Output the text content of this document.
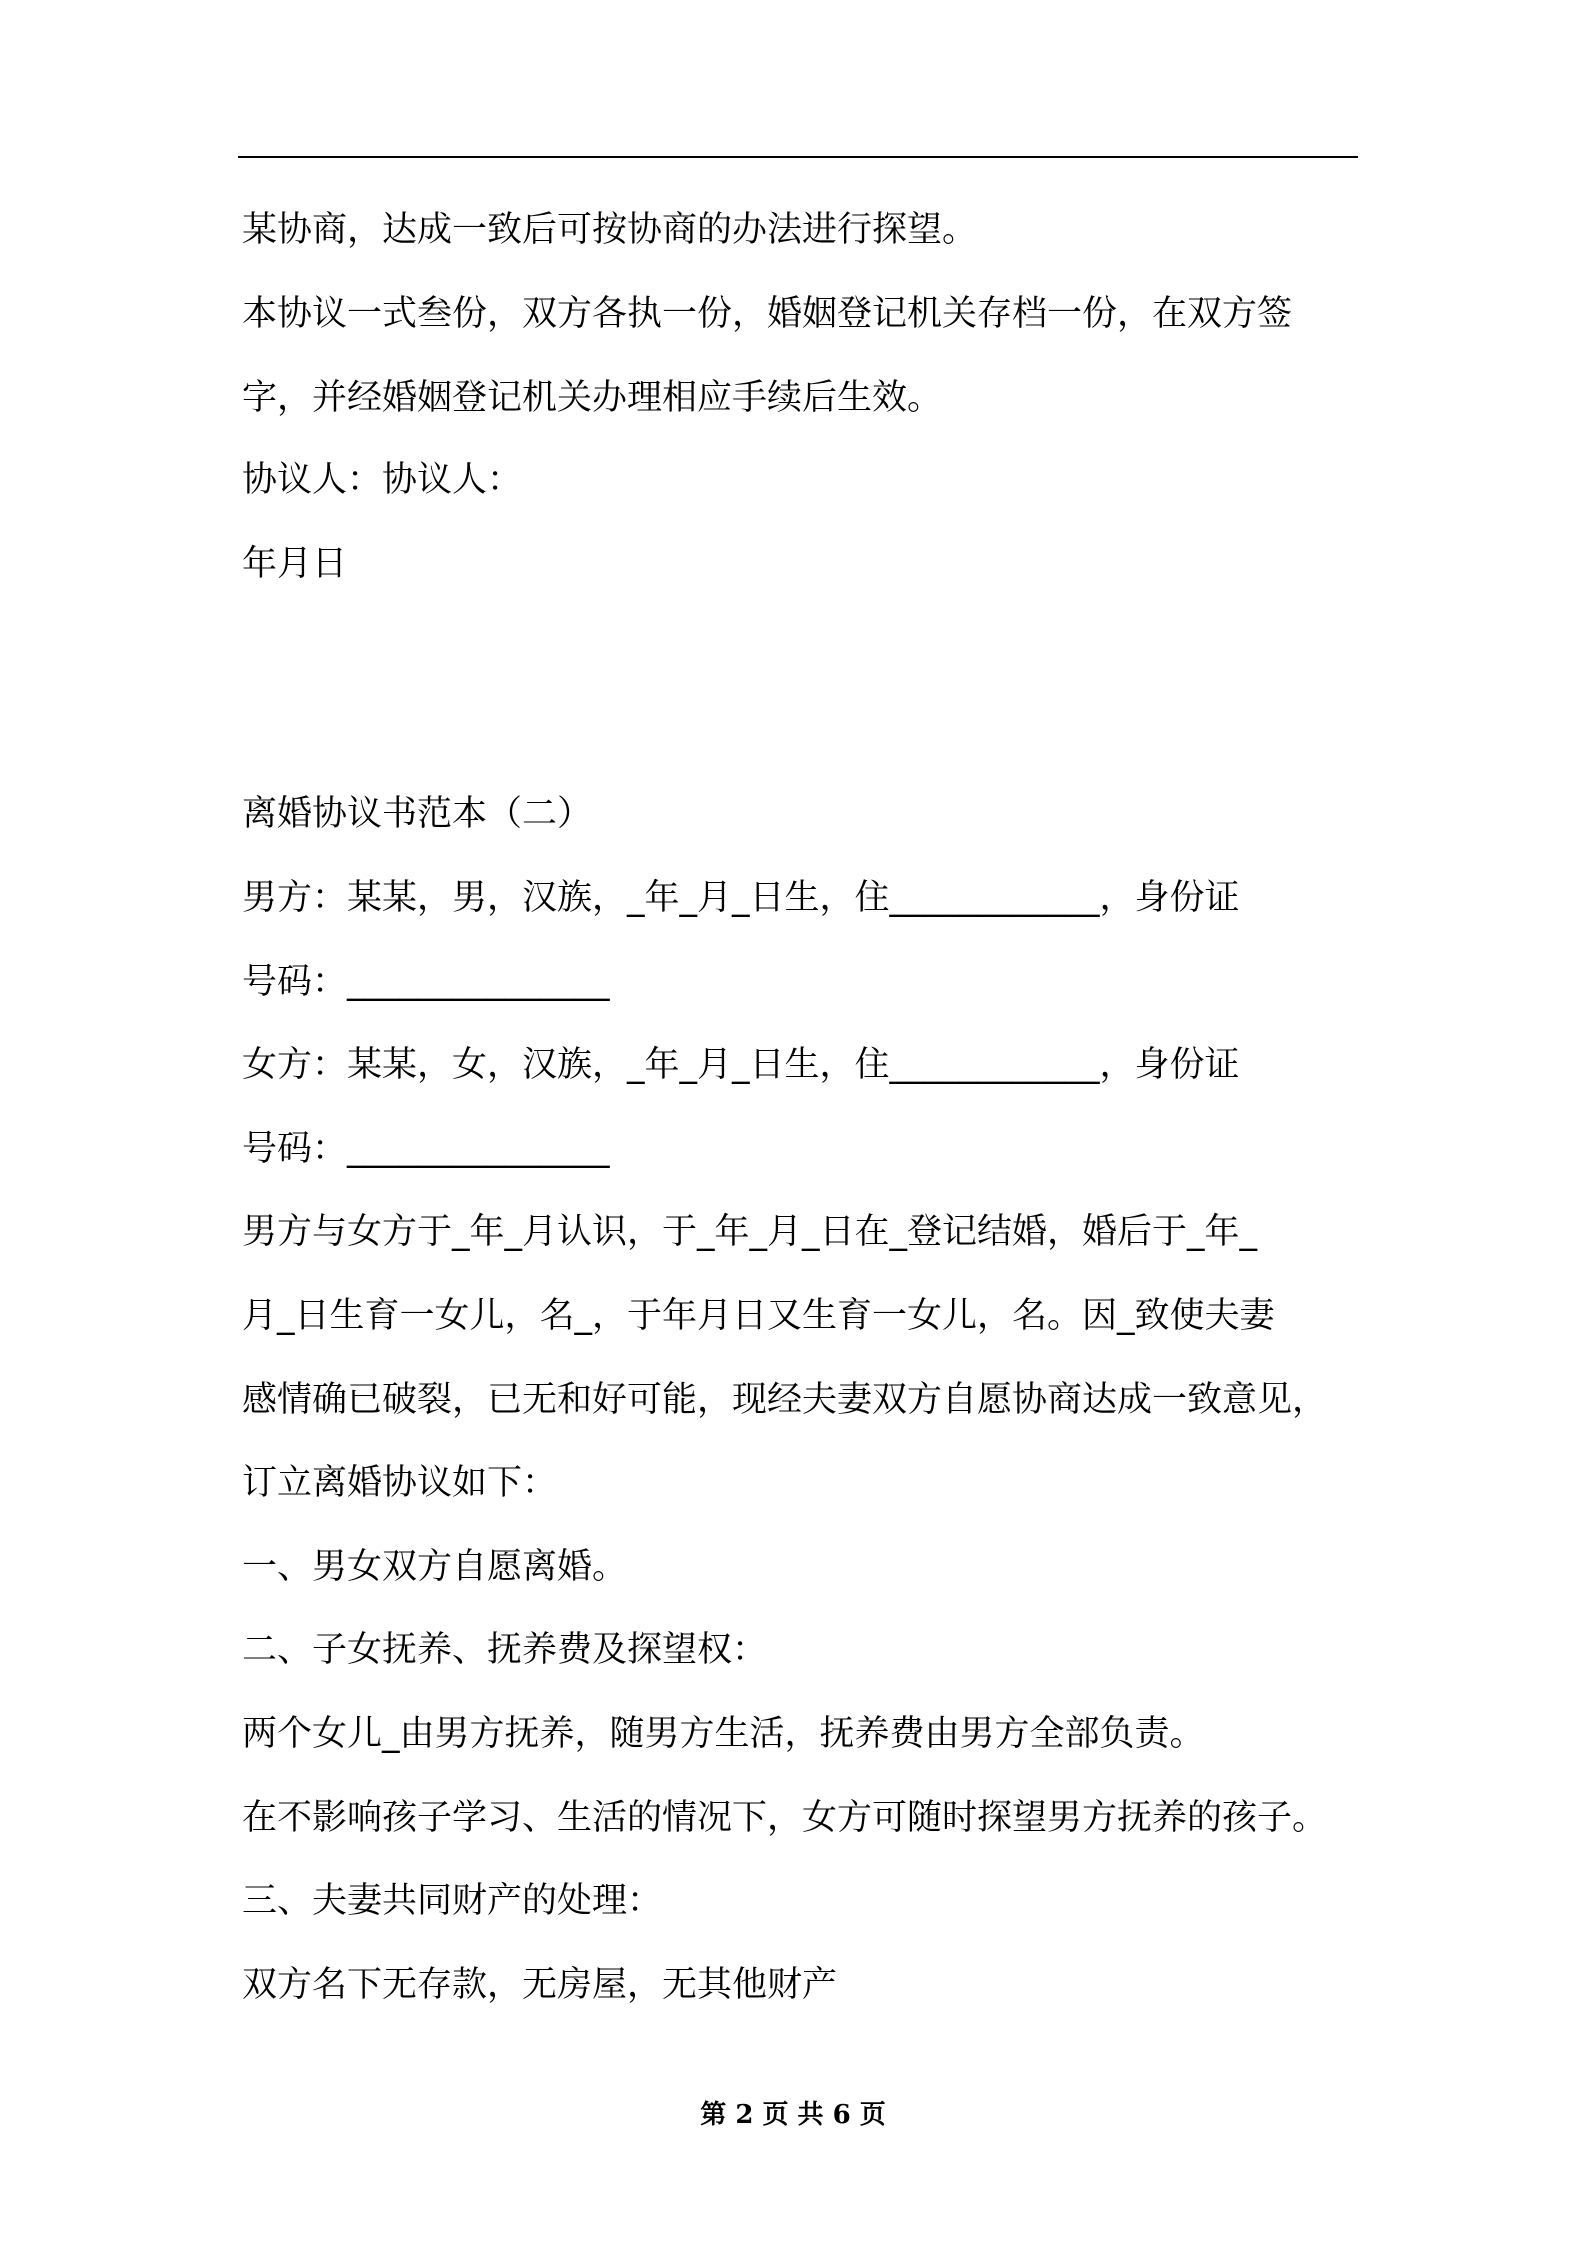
某协商，达成一致后可按协商的办法进行探望。
本协议一式叁份，双方各执一份，婚姻登记机关存档一份，在双方签
字，并经婚姻登记机关办理相应手续后生效。
协议人：协议人：
年月日
离婚协议书范本（二）
男方：某某，男，汉族，_年_月_日生，住____________，身份证
号码：_______________
女方：某某，女，汉族，_年_月_日生，住____________，身份证
号码：_______________
男方与女方于_年_月认识，于_年_月_日在_登记结婚，婚后于_年_
月_日生育一女儿，名_，于年月日又生育一女儿，名。因_致使夫妻
感情确已破裂，已无和好可能，现经夫妻双方自愿协商达成一致意见，
订立离婚协议如下：
一、男女双方自愿离婚。
二、子女抚养、抚养费及探望权：
两个女儿_由男方抚养，随男方生活，抚养费由男方全部负责。
在不影响孩子学习、生活的情况下，女方可随时探望男方抚养的孩子。
三、夫妻共同财产的处理：
双方名下无存款，无房屋，无其他财产
第 2 页 共 6 页
